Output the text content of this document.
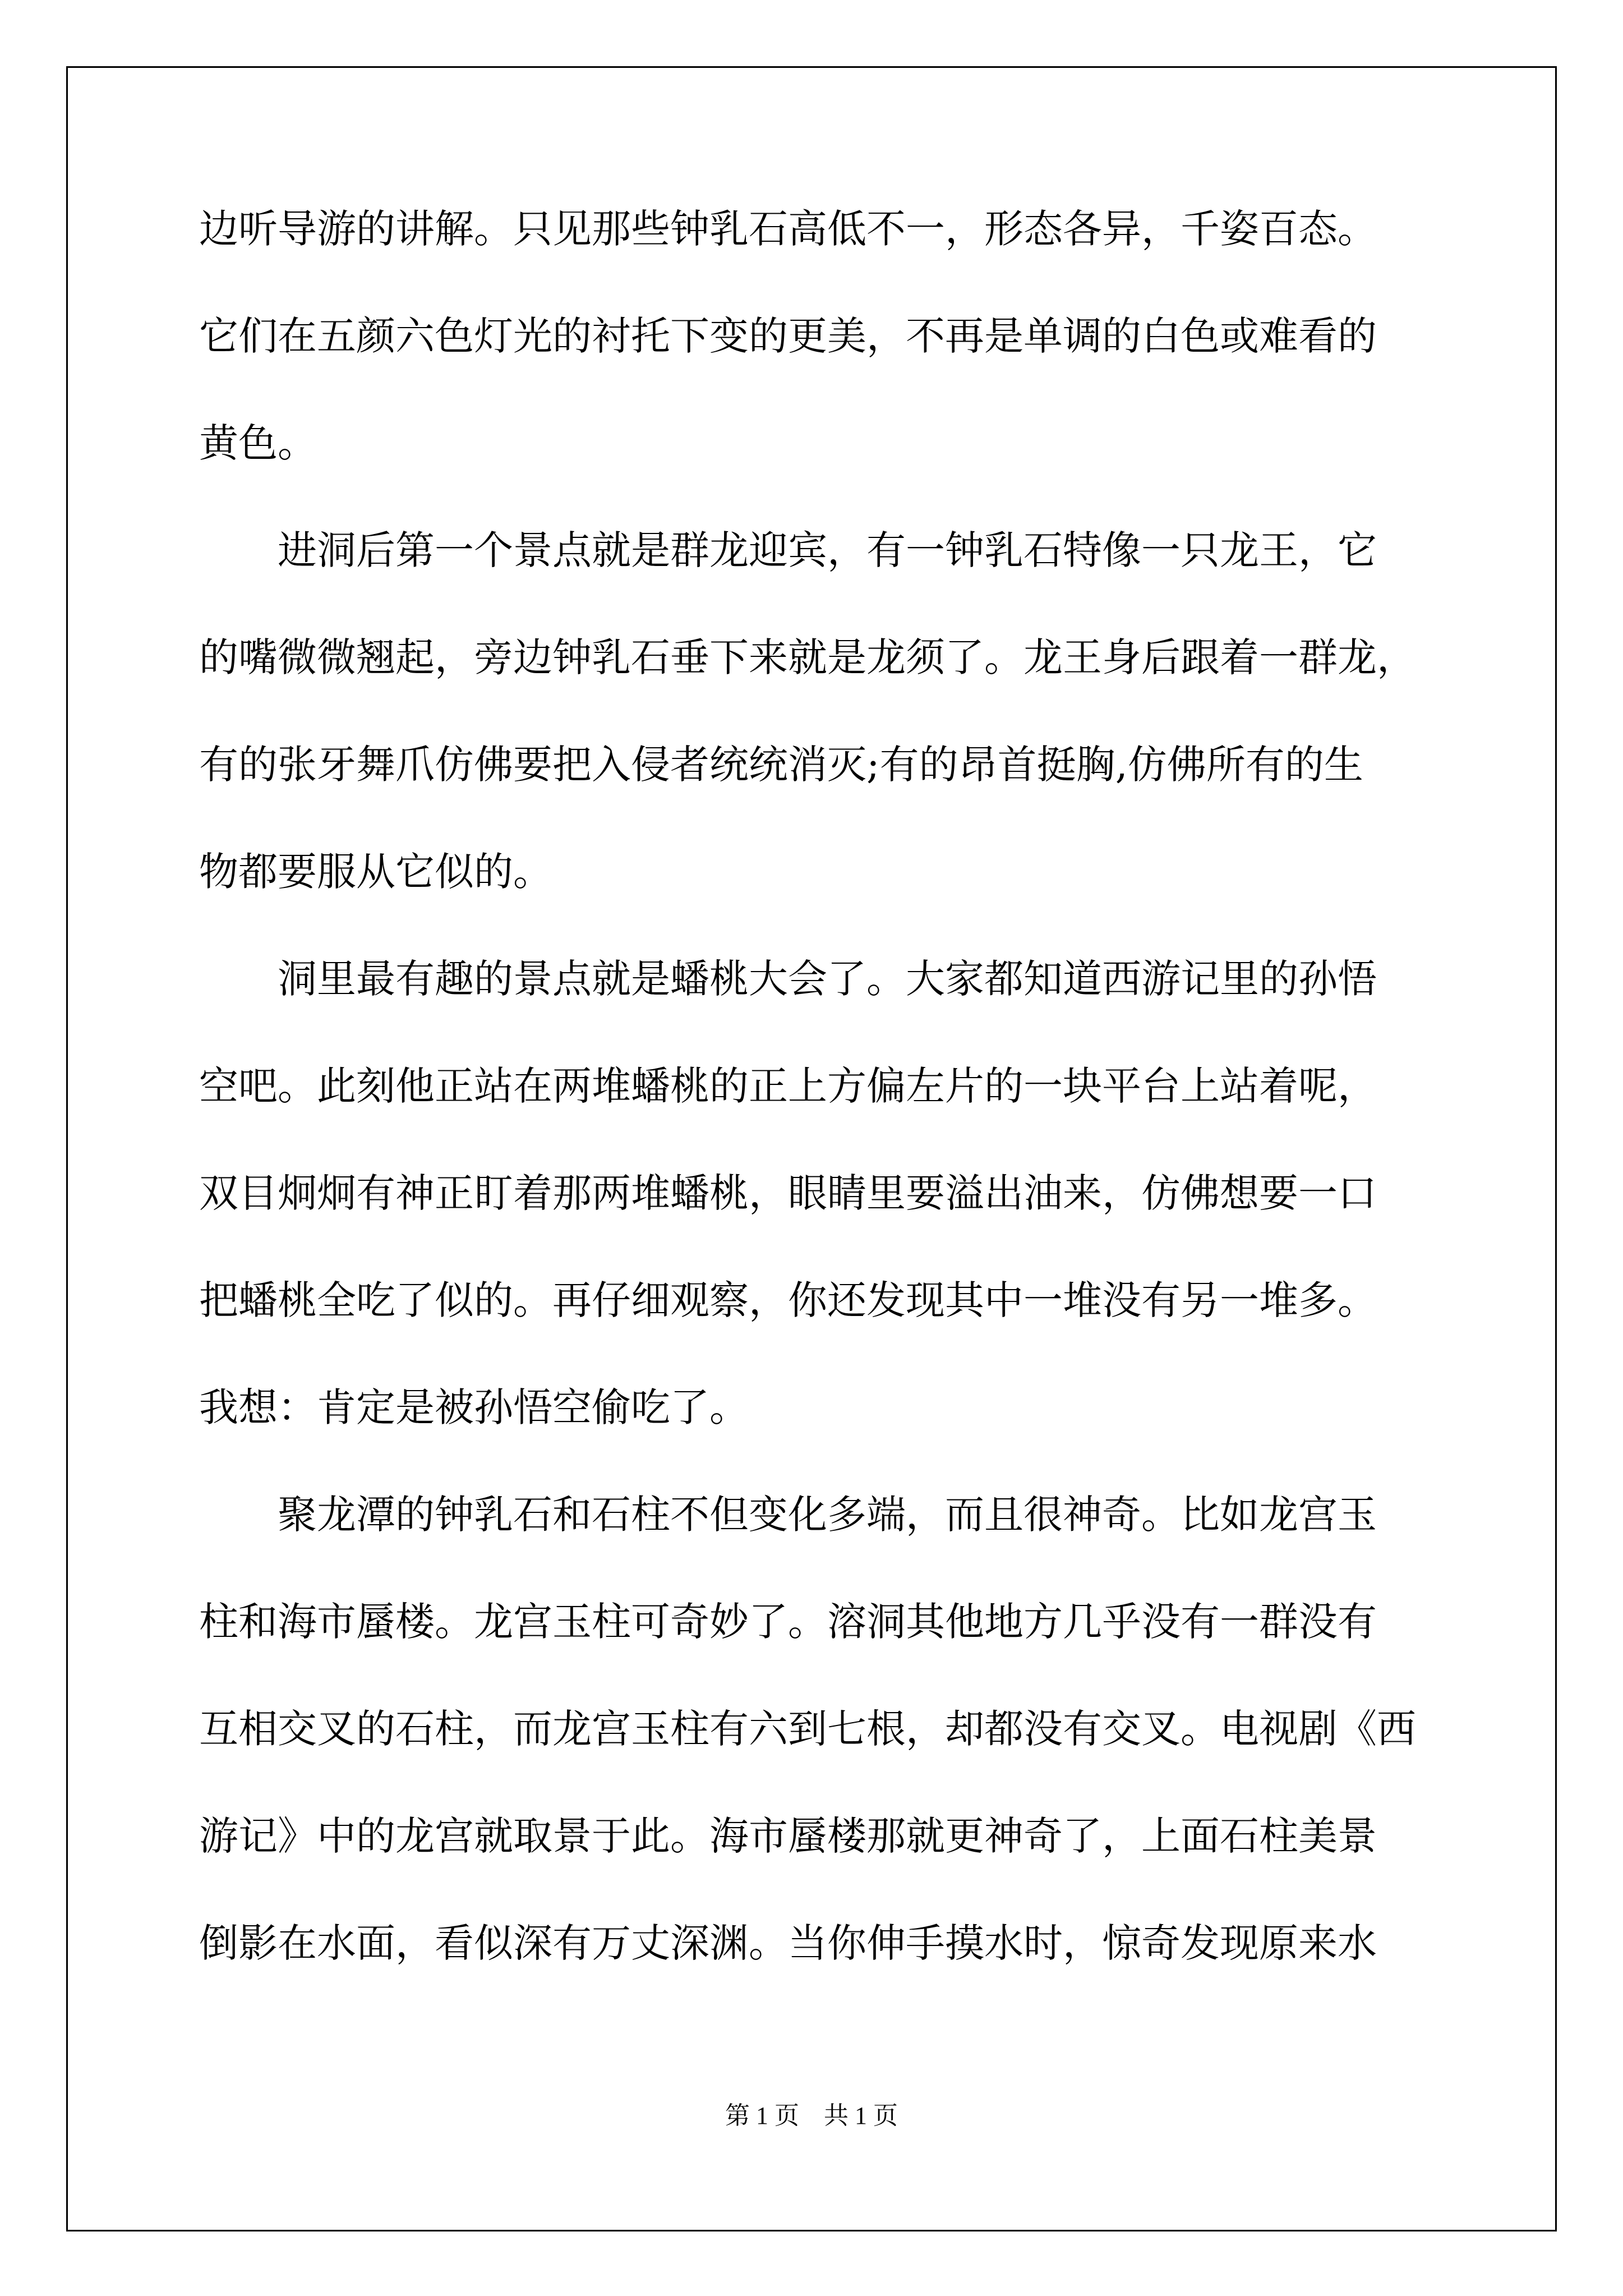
边听导游的讲解。只见那些钟乳石高低不一，形态各异，千姿百态。
它们在五颜六色灯光的衬托下变的更美，不再是单调的白色或难看的
黄色。
　　进洞后第一个景点就是群龙迎宾，有一钟乳石特像一只龙王，它
的嘴微微翘起，旁边钟乳石垂下来就是龙须了。龙王身后跟着一群龙，
有的张牙舞爪仿佛要把入侵者统统消灭;有的昂首挺胸,仿佛所有的生
物都要服从它似的。
　　洞里最有趣的景点就是蟠桃大会了。大家都知道西游记里的孙悟
空吧。此刻他正站在两堆蟠桃的正上方偏左片的一块平台上站着呢，
双目炯炯有神正盯着那两堆蟠桃，眼睛里要溢出油来，仿佛想要一口
把蟠桃全吃了似的。再仔细观察，你还发现其中一堆没有另一堆多。
我想：肯定是被孙悟空偷吃了。
　　聚龙潭的钟乳石和石柱不但变化多端，而且很神奇。比如龙宫玉
柱和海市蜃楼。龙宫玉柱可奇妙了。溶洞其他地方几乎没有一群没有
互相交叉的石柱，而龙宫玉柱有六到七根，却都没有交叉。电视剧《西
游记》中的龙宫就取景于此。海市蜃楼那就更神奇了，上面石柱美景
倒影在水面，看似深有万丈深渊。当你伸手摸水时，惊奇发现原来水
第 1 页　共 1 页
